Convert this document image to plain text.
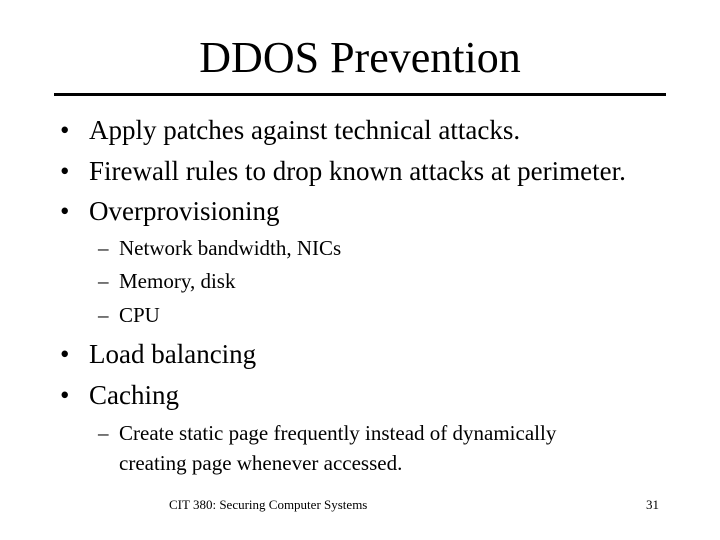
DDOS Prevention
• Apply patches against technical attacks.
• Firewall rules to drop known attacks at perimeter.
• Overprovisioning
– Network bandwidth, NICs
– Memory, disk
– CPU
• Load balancing
• Caching
– Create static page frequently instead of dynamically
creating page whenever accessed.
CIT 380: Securing Computer Systems	31
